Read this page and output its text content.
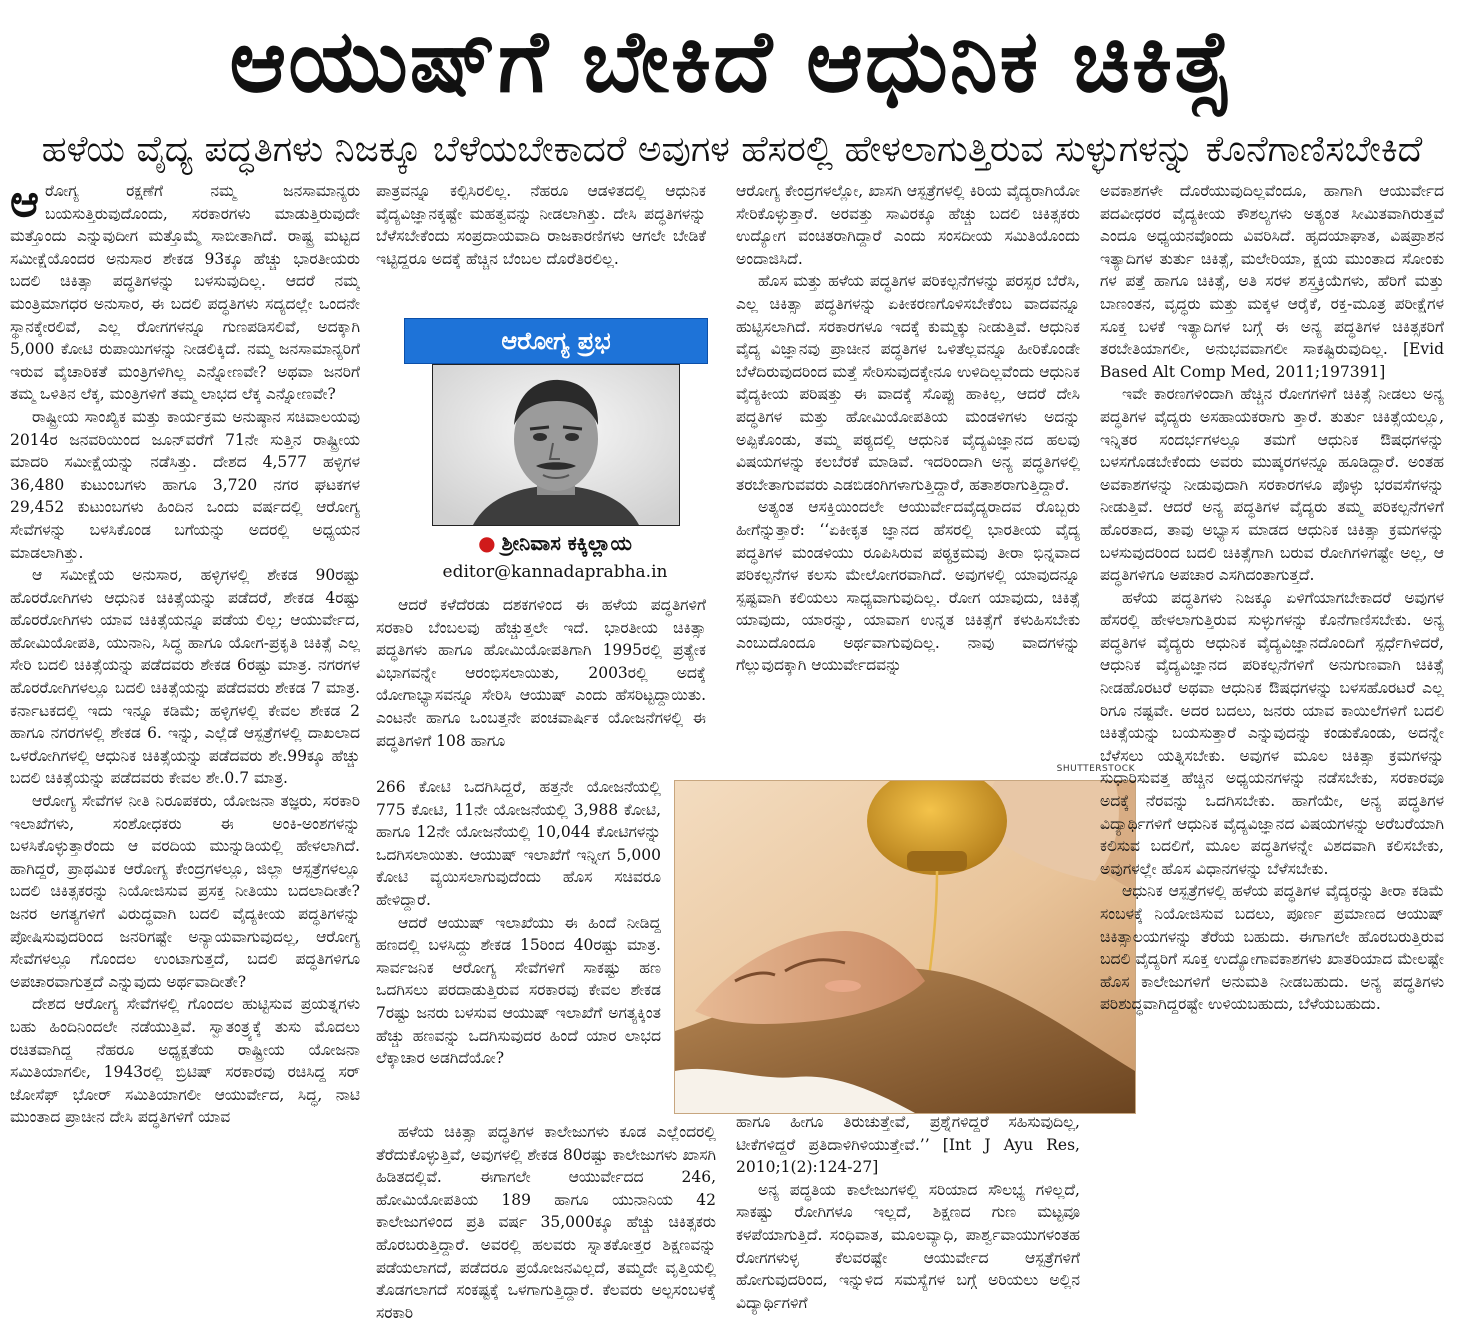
ಆಯುಷ್‌ಗೆ ಬೇಕಿದೆ ಆಧುನಿಕ ಚಿಕಿತ್ಸೆ
ಹಳೆಯ ವೈದ್ಯ ಪದ್ಧತಿಗಳು ನಿಜಕ್ಕೂ ಬೆಳೆಯಬೇಕಾದರೆ ಅವುಗಳ ಹೆಸರಲ್ಲಿ ಹೇಳಲಾಗುತ್ತಿರುವ ಸುಳ್ಳುಗಳನ್ನು ಕೊನೆಗಾಣಿಸಬೇಕಿದೆ

ಆರೋಗ್ಯ ರಕ್ಷಣೆಗೆ ನಮ್ಮ ಜನಸಾಮಾನ್ಯರು ಬಯಸುತ್ತಿರುವುದೊಂದು, ಸರಕಾರಗಳು ಮಾಡುತ್ತಿರುವುದೇ ಮತ್ತೊಂದು ಎನ್ನುವುದೀಗ ಮತ್ತೊಮ್ಮೆ ಸಾಬೀತಾಗಿದೆ. ರಾಷ್ಟ್ರ ಮಟ್ಟದ ಸಮೀಕ್ಷೆಯೊಂದರ ಅನುಸಾರ ಶೇಕಡ 93ಕ್ಕೂ ಹೆಚ್ಚು ಭಾರತೀಯರು ಬದಲಿ ಚಿಕಿತ್ಸಾ ಪದ್ಧತಿಗಳನ್ನು ಬಳಸುವುದಿಲ್ಲ. ಆದರೆ ನಮ್ಮ ಮಂತ್ರಿಮಾಗಧರ ಅನುಸಾರ, ಈ ಬದಲಿ ಪದ್ಧತಿಗಳು ಸದ್ಯದಲ್ಲೇ ಒಂದನೇ ಸ್ಥಾನಕ್ಕೇರಲಿವೆ, ಎಲ್ಲ ರೋಗಗಳನ್ನೂ ಗುಣಪಡಿಸಲಿವೆ, ಅದಕ್ಕಾಗಿ 5,000 ಕೋಟಿ ರುಪಾಯಿಗಳನ್ನು ನೀಡಲಿಕ್ಕಿದೆ. ನಮ್ಮ ಜನಸಾಮಾನ್ಯರಿಗೆ ಇರುವ ವೈಚಾರಿಕತೆ ಮಂತ್ರಿಗಳಿಗಿಲ್ಲ ಎನ್ನೋಣವೇ? ಅಥವಾ ಜನರಿಗೆ ತಮ್ಮ ಒಳಿತಿನ ಲೆಕ್ಕ, ಮಂತ್ರಿಗಳಿಗೆ ತಮ್ಮ ಲಾಭದ ಲೆಕ್ಕ ಎನ್ನೋಣವೇ?

ರಾಷ್ಟ್ರೀಯ ಸಾಂಖ್ಯಿಕ ಮತ್ತು ಕಾರ್ಯಕ್ರಮ ಅನುಷ್ಠಾನ ಸಚಿವಾಲಯವು 2014ರ ಜನವರಿಯಿಂದ ಜೂನ್‌ವರೆಗೆ 71ನೇ ಸುತ್ತಿನ ರಾಷ್ಟ್ರೀಯ ಮಾದರಿ ಸಮೀಕ್ಷೆಯನ್ನು ನಡೆಸಿತ್ತು. ದೇಶದ 4,577 ಹಳ್ಳಿಗಳ 36,480 ಕುಟುಂಬಗಳು ಹಾಗೂ 3,720 ನಗರ ಘಟಕಗಳ 29,452 ಕುಟುಂಬಗಳು ಹಿಂದಿನ ಒಂದು ವರ್ಷದಲ್ಲಿ ಆರೋಗ್ಯ ಸೇವೆಗಳನ್ನು ಬಳಸಿಕೊಂಡ ಬಗೆಯನ್ನು ಅದರಲ್ಲಿ ಅಧ್ಯಯನ ಮಾಡಲಾಗಿತ್ತು.

ಆ ಸಮೀಕ್ಷೆಯ ಅನುಸಾರ, ಹಳ್ಳಿಗಳಲ್ಲಿ ಶೇಕಡ 90ರಷ್ಟು ಹೊರರೋಗಿಗಳು ಆಧುನಿಕ ಚಿಕಿತ್ಸೆಯನ್ನು ಪಡೆದರೆ, ಶೇಕಡ 4ರಷ್ಟು ಹೊರರೋಗಿಗಳು ಯಾವ ಚಿಕಿತ್ಸೆಯನ್ನೂ ಪಡೆಯ ಲಿಲ್ಲ; ಆಯುರ್ವೇದ, ಹೋಮಿಯೋಪತಿ, ಯುನಾನಿ, ಸಿದ್ಧ ಹಾಗೂ ಯೋಗ-ಪ್ರಕೃತಿ ಚಿಕಿತ್ಸೆ ಎಲ್ಲ ಸೇರಿ ಬದಲಿ ಚಿಕಿತ್ಸೆಯನ್ನು ಪಡೆದವರು ಶೇಕಡ 6ರಷ್ಟು ಮಾತ್ರ. ನಗರಗಳ ಹೊರರೋಗಿಗಳಲ್ಲೂ ಬದಲಿ ಚಿಕಿತ್ಸೆಯನ್ನು ಪಡೆದವರು ಶೇಕಡ 7 ಮಾತ್ರ. ಕರ್ನಾಟಕದಲ್ಲಿ ಇದು ಇನ್ನೂ ಕಡಿಮೆ; ಹಳ್ಳಿಗಳಲ್ಲಿ ಕೇವಲ ಶೇಕಡ 2 ಹಾಗೂ ನಗರಗಳಲ್ಲಿ ಶೇಕಡ 6. ಇನ್ನು, ಎಲ್ಲೆಡೆ ಆಸ್ಪತ್ರೆಗಳಲ್ಲಿ ದಾಖಲಾದ ಒಳರೋಗಿಗಳಲ್ಲಿ ಆಧುನಿಕ ಚಿಕಿತ್ಸೆಯನ್ನು ಪಡೆದವರು ಶೇ.99ಕ್ಕೂ ಹೆಚ್ಚು ಬದಲಿ ಚಿಕಿತ್ಸೆಯನ್ನು ಪಡೆದವರು ಕೇವಲ ಶೇ.0.7 ಮಾತ್ರ.

ಆರೋಗ್ಯ ಸೇವೆಗಳ ನೀತಿ ನಿರೂಪಕರು, ಯೋಜನಾ ತಜ್ಞರು, ಸರಕಾರಿ ಇಲಾಖೆಗಳು, ಸಂಶೋಧಕರು ಈ ಅಂಕಿ-ಅಂಶಗಳನ್ನು ಬಳಸಿಕೊಳ್ಳುತ್ತಾರೆಂದು ಆ ವರದಿಯ ಮುನ್ನುಡಿಯಲ್ಲಿ ಹೇಳಲಾಗಿದೆ. ಹಾಗಿದ್ದರೆ, ಪ್ರಾಥಮಿಕ ಆರೋಗ್ಯ ಕೇಂದ್ರಗಳಲ್ಲೂ, ಜಿಲ್ಲಾ ಆಸ್ಪತ್ರೆಗಳಲ್ಲೂ ಬದಲಿ ಚಿಕಿತ್ಸಕರನ್ನು ನಿಯೋಜಿಸುವ ಪ್ರಸಕ್ತ ನೀತಿಯು ಬದಲಾದೀತೇ? ಜನರ ಅಗತ್ಯಗಳಿಗೆ ವಿರುದ್ಧವಾಗಿ ಬದಲಿ ವೈದ್ಯಕೀಯ ಪದ್ಧತಿಗಳನ್ನು ಪೋಷಿಸುವುದರಿಂದ ಜನರಿಗಷ್ಟೇ ಅನ್ಯಾಯವಾಗುವುದಲ್ಲ, ಆರೋಗ್ಯ ಸೇವೆಗಳಲ್ಲೂ ಗೊಂದಲ ಉಂಟಾಗುತ್ತದೆ, ಬದಲಿ ಪದ್ಧತಿಗಳಿಗೂ ಅಪಚಾರವಾಗುತ್ತದೆ ಎನ್ನುವುದು ಅರ್ಥವಾದೀತೇ?

ದೇಶದ ಆರೋಗ್ಯ ಸೇವೆಗಳಲ್ಲಿ ಗೊಂದಲ ಹುಟ್ಟಿಸುವ ಪ್ರಯತ್ನಗಳು ಬಹು ಹಿಂದಿನಿಂದಲೇ ನಡೆಯುತ್ತಿವೆ. ಸ್ವಾತಂತ್ರ್ಯಕ್ಕೆ ತುಸು ಮೊದಲು ರಚಿತವಾಗಿದ್ದ ನೆಹರೂ ಅಧ್ಯಕ್ಷತೆಯ ರಾಷ್ಟ್ರೀಯ ಯೋಜನಾ ಸಮಿತಿಯಾಗಲೀ, 1943ರಲ್ಲಿ ಬ್ರಿಟಿಷ್ ಸರಕಾರವು ರಚಿಸಿದ್ದ ಸರ್ ಜೋಸೆಫ್ ಭೋರ್ ಸಮಿತಿಯಾಗಲೀ ಆಯುರ್ವೇದ, ಸಿದ್ಧ, ನಾಟಿ ಮುಂತಾದ ಪ್ರಾಚೀನ ದೇಸಿ ಪದ್ಧತಿಗಳಿಗೆ ಯಾವ

ಪಾತ್ರವನ್ನೂ ಕಲ್ಪಿಸಿರಲಿಲ್ಲ. ನೆಹರೂ ಆಡಳಿತದಲ್ಲಿ ಆಧುನಿಕ ವೈದ್ಯವಿಜ್ಞಾನಕ್ಕಷ್ಟೇ ಮಹತ್ವವನ್ನು ನೀಡಲಾಗಿತ್ತು. ದೇಸಿ ಪದ್ಧತಿಗಳನ್ನು ಬೆಳೆಸಬೇಕೆಂದು ಸಂಪ್ರದಾಯವಾದಿ ರಾಜಕಾರಣಿಗಳು ಆಗಲೇ ಬೇಡಿಕೆ ಇಟ್ಟಿದ್ದರೂ ಅದಕ್ಕೆ ಹೆಚ್ಚಿನ ಬೆಂಬಲ ದೊರೆತಿರಲಿಲ್ಲ.

ಆರೋಗ್ಯ ಪ್ರಭ
● ಶ್ರೀನಿವಾಸ ಕಕ್ಕಿಲ್ಲಾಯ
editor@kannadaprabha.in

ಆದರೆ ಕಳೆದೆರಡು ದಶಕಗಳಿಂದ ಈ ಹಳೆಯ ಪದ್ಧತಿಗಳಿಗೆ ಸರಕಾರಿ ಬೆಂಬಲವು ಹೆಚ್ಚುತ್ತಲೇ ಇದೆ. ಭಾರತೀಯ ಚಿಕಿತ್ಸಾ ಪದ್ಧತಿಗಳು ಹಾಗೂ ಹೋಮಿಯೋಪತಿಗಾಗಿ 1995ರಲ್ಲಿ ಪ್ರತ್ಯೇಕ ವಿಭಾಗವನ್ನೇ ಆರಂಭಿಸಲಾಯಿತು, 2003ರಲ್ಲಿ ಅದಕ್ಕೆ ಯೋಗಾಭ್ಯಾಸವನ್ನೂ ಸೇರಿಸಿ ಆಯುಷ್ ಎಂದು ಹೆಸರಿಟ್ಟದ್ದಾಯಿತು. ಎಂಟನೇ ಹಾಗೂ ಒಂಬತ್ತನೇ ಪಂಚವಾರ್ಷಿಕ ಯೋಜನೆಗಳಲ್ಲಿ ಈ ಪದ್ಧತಿಗಳಿಗೆ 108 ಹಾಗೂ

266 ಕೋಟಿ ಒದಗಿಸಿದ್ದರೆ, ಹತ್ತನೇ ಯೋಜನೆಯಲ್ಲಿ 775 ಕೋಟಿ, 11ನೇ ಯೋಜನೆಯಲ್ಲಿ 3,988 ಕೋಟಿ, ಹಾಗೂ 12ನೇ ಯೋಜನೆಯಲ್ಲಿ 10,044 ಕೋಟಿಗಳನ್ನು ಒದಗಿಸಲಾಯಿತು. ಆಯುಷ್ ಇಲಾಖೆಗೆ ಇನ್ನೀಗ 5,000 ಕೋಟಿ ವ್ಯಯಿಸಲಾಗುವುದೆಂದು ಹೊಸ ಸಚಿವರೂ ಹೇಳಿದ್ದಾರೆ.

ಆದರೆ ಆಯುಷ್ ಇಲಾಖೆಯು ಈ ಹಿಂದೆ ನೀಡಿದ್ದ ಹಣದಲ್ಲಿ ಬಳಸಿದ್ದು ಶೇಕಡ 15ರಿಂದ 40ರಷ್ಟು ಮಾತ್ರ. ಸಾರ್ವಜನಿಕ ಆರೋಗ್ಯ ಸೇವೆಗಳಿಗೆ ಸಾಕಷ್ಟು ಹಣ ಒದಗಿಸಲು ಪರದಾಡುತ್ತಿರುವ ಸರಕಾರವು ಕೇವಲ ಶೇಕಡ 7ರಷ್ಟು ಜನರು ಬಳಸುವ ಆಯುಷ್ ಇಲಾಖೆಗೆ ಅಗತ್ಯಕ್ಕಿಂತ ಹೆಚ್ಚು ಹಣವನ್ನು ಒದಗಿಸುವುದರ ಹಿಂದೆ ಯಾರ ಲಾಭದ ಲೆಕ್ಕಾಚಾರ ಅಡಗಿದೆಯೋ?

ಹಳೆಯ ಚಿಕಿತ್ಸಾ ಪದ್ಧತಿಗಳ ಕಾಲೇಜುಗಳು ಕೂಡ ಎಲ್ಲೆಂದರಲ್ಲಿ ತೆರೆದುಕೊಳ್ಳುತ್ತಿವೆ, ಅವುಗಳಲ್ಲಿ ಶೇಕಡ 80ರಷ್ಟು ಕಾಲೇಜುಗಳು ಖಾಸಗಿ ಹಿಡಿತದಲ್ಲಿವೆ. ಈಗಾಗಲೇ ಆಯುರ್ವೇದದ 246, ಹೋಮಿಯೋಪತಿಯ 189 ಹಾಗೂ ಯುನಾನಿಯ 42 ಕಾಲೇಜುಗಳಿಂದ ಪ್ರತಿ ವರ್ಷ 35,000ಕ್ಕೂ ಹೆಚ್ಚು ಚಿಕಿತ್ಸಕರು ಹೊರಬರುತ್ತಿದ್ದಾರೆ. ಅವರಲ್ಲಿ ಹಲವರು ಸ್ನಾತಕೋತ್ತರ ಶಿಕ್ಷಣವನ್ನು ಪಡೆಯಲಾಗದೆ, ಪಡೆದರೂ ಪ್ರಯೋಜನವಿಲ್ಲದೆ, ತಮ್ಮದೇ ವೃತ್ತಿಯಲ್ಲಿ ತೊಡಗಲಾಗದೆ ಸಂಕಷ್ಟಕ್ಕೆ ಒಳಗಾಗುತ್ತಿದ್ದಾರೆ. ಕೆಲವರು ಅಲ್ಪಸಂಬಳಕ್ಕೆ ಸರಕಾರಿ

ಆರೋಗ್ಯ ಕೇಂದ್ರಗಳಲ್ಲೋ, ಖಾಸಗಿ ಆಸ್ಪತ್ರೆಗಳಲ್ಲಿ ಕಿರಿಯ ವೈದ್ಯರಾಗಿಯೋ ಸೇರಿಕೊಳ್ಳುತ್ತಾರೆ. ಅರವತ್ತು ಸಾವಿರಕ್ಕೂ ಹೆಚ್ಚು ಬದಲಿ ಚಿಕಿತ್ಸಕರು ಉದ್ಯೋಗ ವಂಚಿತರಾಗಿದ್ದಾರೆ ಎಂದು ಸಂಸದೀಯ ಸಮಿತಿಯೊಂದು ಅಂದಾಜಿಸಿದೆ.

ಹೊಸ ಮತ್ತು ಹಳೆಯ ಪದ್ಧತಿಗಳ ಪರಿಕಲ್ಪನೆಗಳನ್ನು ಪರಸ್ಪರ ಬೆರೆಸಿ, ಎಲ್ಲ ಚಿಕಿತ್ಸಾ ಪದ್ಧತಿಗಳನ್ನು ಏಕೀಕರಣಗೊಳಿಸಬೇಕೆಂಬ ವಾದವನ್ನೂ ಹುಟ್ಟಿಸಲಾಗಿದೆ. ಸರಕಾರಗಳೂ ಇದಕ್ಕೆ ಕುಮ್ಮಕ್ಕು ನೀಡುತ್ತಿವೆ. ಆಧುನಿಕ ವೈದ್ಯ ವಿಜ್ಞಾನವು ಪ್ರಾಚೀನ ಪದ್ಧತಿಗಳ ಒಳಿತೆಲ್ಲವನ್ನೂ ಹೀರಿಕೊಂಡೇ ಬೆಳೆದಿರುವುದರಿಂದ ಮತ್ತೆ ಸೇರಿಸುವುದಕ್ಕೇನೂ ಉಳಿದಿಲ್ಲವೆಂದು ಆಧುನಿಕ ವೈದ್ಯಕೀಯ ಪರಿಷತ್ತು ಈ ವಾದಕ್ಕೆ ಸೊಪ್ಪು ಹಾಕಿಲ್ಲ, ಆದರೆ ದೇಸಿ ಪದ್ಧತಿಗಳ ಮತ್ತು ಹೋಮಿಯೋಪತಿಯ ಮಂಡಳಿಗಳು ಅದನ್ನು ಅಪ್ಪಿಕೊಂಡು, ತಮ್ಮ ಪಠ್ಯದಲ್ಲಿ ಆಧುನಿಕ ವೈದ್ಯವಿಜ್ಞಾನದ ಹಲವು ವಿಷಯಗಳನ್ನು ಕಲಬೆರಕೆ ಮಾಡಿವೆ. ಇದರಿಂದಾಗಿ ಅನ್ಯ ಪದ್ಧತಿಗಳಲ್ಲಿ ತರಬೇತಾಗುವವರು ಎಡಬಿಡಂಗಿಗಳಾಗುತ್ತಿದ್ದಾರೆ, ಹತಾಶರಾಗುತ್ತಿದ್ದಾರೆ.

ಅತ್ಯಂತ ಆಸಕ್ತಿಯಿಂದಲೇ ಆಯುರ್ವೇದವೈದ್ಯರಾದವ ರೊಬ್ಬರು ಹೀಗೆನ್ನುತ್ತಾರೆ: ‘‘ಏಕೀಕೃತ ಜ್ಞಾನದ ಹೆಸರಲ್ಲಿ ಭಾರತೀಯ ವೈದ್ಯ ಪದ್ಧತಿಗಳ ಮಂಡಳಿಯು ರೂಪಿಸಿರುವ ಪಠ್ಯಕ್ರಮವು ತೀರಾ ಭಿನ್ನವಾದ ಪರಿಕಲ್ಪನೆಗಳ ಕಲಸು ಮೇಲೋಗರವಾಗಿದೆ. ಅವುಗಳಲ್ಲಿ ಯಾವುದನ್ನೂ ಸ್ಪಷ್ಟವಾಗಿ ಕಲಿಯಲು ಸಾಧ್ಯವಾಗುವುದಿಲ್ಲ. ರೋಗ ಯಾವುದು, ಚಿಕಿತ್ಸೆ ಯಾವುದು, ಯಾರನ್ನು, ಯಾವಾಗ ಉನ್ನತ ಚಿಕಿತ್ಸೆಗೆ ಕಳುಹಿಸಬೇಕು ಎಂಬುದೊಂದೂ ಅರ್ಥವಾಗುವುದಿಲ್ಲ. ನಾವು ವಾದಗಳನ್ನು ಗೆಲ್ಲುವುದಕ್ಕಾಗಿ ಆಯುರ್ವೇದವನ್ನು

SHUTTERSTOCK

ಹಾಗೂ ಹೀಗೂ ತಿರುಚುತ್ತೇವೆ, ಪ್ರಶ್ನೆಗಳಿದ್ದರೆ ಸಹಿಸುವುದಿಲ್ಲ, ಟೀಕೆಗಳಿದ್ದರೆ ಪ್ರತಿದಾಳಿಗಿಳಿಯುತ್ತೇವೆ.’’ [Int J Ayu Res, 2010;1(2):124-27]

ಅನ್ಯ ಪದ್ಧತಿಯ ಕಾಲೇಜುಗಳಲ್ಲಿ ಸರಿಯಾದ ಸೌಲಭ್ಯ ಗಳಿಲ್ಲದೆ, ಸಾಕಷ್ಟು ರೋಗಿಗಳೂ ಇಲ್ಲದೆ, ಶಿಕ್ಷಣದ ಗುಣ ಮಟ್ಟವೂ ಕಳಪೆಯಾಗುತ್ತಿದೆ. ಸಂಧಿವಾತ, ಮೂಲವ್ಯಾಧಿ, ಪಾರ್ಶ್ವವಾಯುಗಳಂತಹ ರೋಗಗಳುಳ್ಳ ಕೆಲವರಷ್ಟೇ ಆಯುರ್ವೇದ ಆಸ್ಪತ್ರೆಗಳಿಗೆ ಹೋಗುವುದರಿಂದ, ಇನ್ನುಳಿದ ಸಮಸ್ಯೆಗಳ ಬಗ್ಗೆ ಅರಿಯಲು ಅಲ್ಲಿನ ವಿದ್ಯಾರ್ಥಿಗಳಿಗೆ

ಅವಕಾಶಗಳೇ ದೊರೆಯುವುದಿಲ್ಲವೆಂದೂ, ಹಾಗಾಗಿ ಆಯುರ್ವೇದ ಪದವೀಧರರ ವೈದ್ಯಕೀಯ ಕೌಶಲ್ಯಗಳು ಅತ್ಯಂತ ಸೀಮಿತವಾಗಿರುತ್ತವೆ ಎಂದೂ ಅಧ್ಯಯನವೊಂದು ವಿವರಿಸಿದೆ. ಹೃದಯಾಘಾತ, ವಿಷಪ್ರಾಶನ ಇತ್ಯಾದಿಗಳ ತುರ್ತು ಚಿಕಿತ್ಸೆ, ಮಲೇರಿಯಾ, ಕ್ಷಯ ಮುಂತಾದ ಸೋಂಕು ಗಳ ಪತ್ತೆ ಹಾಗೂ ಚಿಕಿತ್ಸೆ, ಅತಿ ಸರಳ ಶಸ್ತ್ರಕ್ರಿಯೆಗಳು, ಹೆರಿಗೆ ಮತ್ತು ಬಾಣಂತನ, ವೃದ್ಧರು ಮತ್ತು ಮಕ್ಕಳ ಆರೈಕೆ, ರಕ್ತ-ಮೂತ್ರ ಪರೀಕ್ಷೆಗಳ ಸೂಕ್ತ ಬಳಕೆ ಇತ್ಯಾದಿಗಳ ಬಗ್ಗೆ ಈ ಅನ್ಯ ಪದ್ಧತಿಗಳ ಚಿಕಿತ್ಸಕರಿಗೆ ತರಬೇತಿಯಾಗಲೀ, ಅನುಭವವಾಗಲೀ ಸಾಕಷ್ಟಿರುವುದಿಲ್ಲ. [Evid Based Alt Comp Med, 2011;197391]

ಇವೇ ಕಾರಣಗಳಿಂದಾಗಿ ಹೆಚ್ಚಿನ ರೋಗಗಳಿಗೆ ಚಿಕಿತ್ಸೆ ನೀಡಲು ಅನ್ಯ ಪದ್ಧತಿಗಳ ವೈದ್ಯರು ಅಸಹಾಯಕರಾಗು ತ್ತಾರೆ. ತುರ್ತು ಚಿಕಿತ್ಸೆಯಲ್ಲೂ, ಇನ್ನಿತರ ಸಂದರ್ಭಗಳಲ್ಲೂ ತಮಗೆ ಆಧುನಿಕ ಔಷಧಗಳನ್ನು ಬಳಸಗೊಡಬೇಕೆಂದು ಅವರು ಮುಷ್ಕರಗಳನ್ನೂ ಹೂಡಿದ್ದಾರೆ. ಅಂತಹ ಅವಕಾಶಗಳನ್ನು ನೀಡುವುದಾಗಿ ಸರಕಾರಗಳೂ ಪೊಳ್ಳು ಭರವಸೆಗಳನ್ನು ನೀಡುತ್ತಿವೆ. ಆದರೆ ಅನ್ಯ ಪದ್ಧತಿಗಳ ವೈದ್ಯರು ತಮ್ಮ ಪರಿಕಲ್ಪನೆಗಳಿಗೆ ಹೊರತಾದ, ತಾವು ಅಭ್ಯಾಸ ಮಾಡದ ಆಧುನಿಕ ಚಿಕಿತ್ಸಾ ಕ್ರಮಗಳನ್ನು ಬಳಸುವುದರಿಂದ ಬದಲಿ ಚಿಕಿತ್ಸೆಗಾಗಿ ಬರುವ ರೋಗಿಗಳಿಗಷ್ಟೇ ಅಲ್ಲ, ಆ ಪದ್ಧತಿಗಳಿಗೂ ಅಪಚಾರ ಎಸಗಿದಂತಾಗುತ್ತದೆ.

ಹಳೆಯ ಪದ್ಧತಿಗಳು ನಿಜಕ್ಕೂ ಏಳಿಗೆಯಾಗಬೇಕಾದರೆ ಅವುಗಳ ಹೆಸರಲ್ಲಿ ಹೇಳಲಾಗುತ್ತಿರುವ ಸುಳ್ಳುಗಳನ್ನು ಕೊನೆಗಾಣಿಸಬೇಕು. ಅನ್ಯ ಪದ್ಧತಿಗಳ ವೈದ್ಯರು ಆಧುನಿಕ ವೈದ್ಯವಿಜ್ಞಾನದೊಂದಿಗೆ ಸ್ಪರ್ಧೆಗಿಳಿದರೆ, ಆಧುನಿಕ ವೈದ್ಯವಿಜ್ಞಾನದ ಪರಿಕಲ್ಪನೆಗಳಿಗೆ ಅನುಗುಣವಾಗಿ ಚಿಕಿತ್ಸೆ ನೀಡಹೊರಟರೆ ಅಥವಾ ಆಧುನಿಕ ಔಷಧಗಳನ್ನು ಬಳಸಹೊರಟರೆ ಎಲ್ಲ ರಿಗೂ ನಷ್ಟವೇ. ಅದರ ಬದಲು, ಜನರು ಯಾವ ಕಾಯಿಲೆಗಳಿಗೆ ಬದಲಿ ಚಿಕಿತ್ಸೆಯನ್ನು ಬಯಸುತ್ತಾರೆ ಎನ್ನುವುದನ್ನು ಕಂಡುಕೊಂಡು, ಅದನ್ನೇ ಬೆಳೆಸಲು ಯತ್ನಿಸಬೇಕು. ಅವುಗಳ ಮೂಲ ಚಿಕಿತ್ಸಾ ಕ್ರಮಗಳನ್ನು ಸುಧಾರಿಸುವತ್ತ ಹೆಚ್ಚಿನ ಅಧ್ಯಯನಗಳನ್ನು ನಡೆಸಬೇಕು, ಸರಕಾರವೂ ಅದಕ್ಕೆ ನೆರವನ್ನು ಒದಗಿಸಬೇಕು. ಹಾಗೆಯೇ, ಅನ್ಯ ಪದ್ಧತಿಗಳ ವಿದ್ಯಾರ್ಥಿಗಳಿಗೆ ಆಧುನಿಕ ವೈದ್ಯವಿಜ್ಞಾನದ ವಿಷಯಗಳನ್ನು ಅರೆಬರೆಯಾಗಿ ಕಲಿಸುವ ಬದಲಿಗೆ, ಮೂಲ ಪದ್ಧತಿಗಳನ್ನೇ ವಿಶದವಾಗಿ ಕಲಿಸಬೇಕು, ಅವುಗಳಲ್ಲೇ ಹೊಸ ವಿಧಾನಗಳನ್ನು ಬೆಳೆಸಬೇಕು.

ಆಧುನಿಕ ಆಸ್ಪತ್ರೆಗಳಲ್ಲಿ ಹಳೆಯ ಪದ್ಧತಿಗಳ ವೈದ್ಯರನ್ನು ತೀರಾ ಕಡಿಮೆ ಸಂಬಳಕ್ಕೆ ನಿಯೋಜಿಸುವ ಬದಲು, ಪೂರ್ಣ ಪ್ರಮಾಣದ ಆಯುಷ್ ಚಿಕಿತ್ಸಾಲಯಗಳನ್ನು ತೆರೆಯ ಬಹುದು. ಈಗಾಗಲೇ ಹೊರಬರುತ್ತಿರುವ ಬದಲಿ ವೈದ್ಯರಿಗೆ ಸೂಕ್ತ ಉದ್ಯೋಗಾವಕಾಶಗಳು ಖಾತರಿಯಾದ ಮೇಲಷ್ಟೇ ಹೊಸ ಕಾಲೇಜುಗಳಿಗೆ ಅನುಮತಿ ನೀಡಬಹುದು. ಅನ್ಯ ಪದ್ಧತಿಗಳು ಪರಿಶುದ್ಧವಾಗಿದ್ದರಷ್ಟೇ ಉಳಿಯಬಹುದು, ಬೆಳೆಯಬಹುದು.
